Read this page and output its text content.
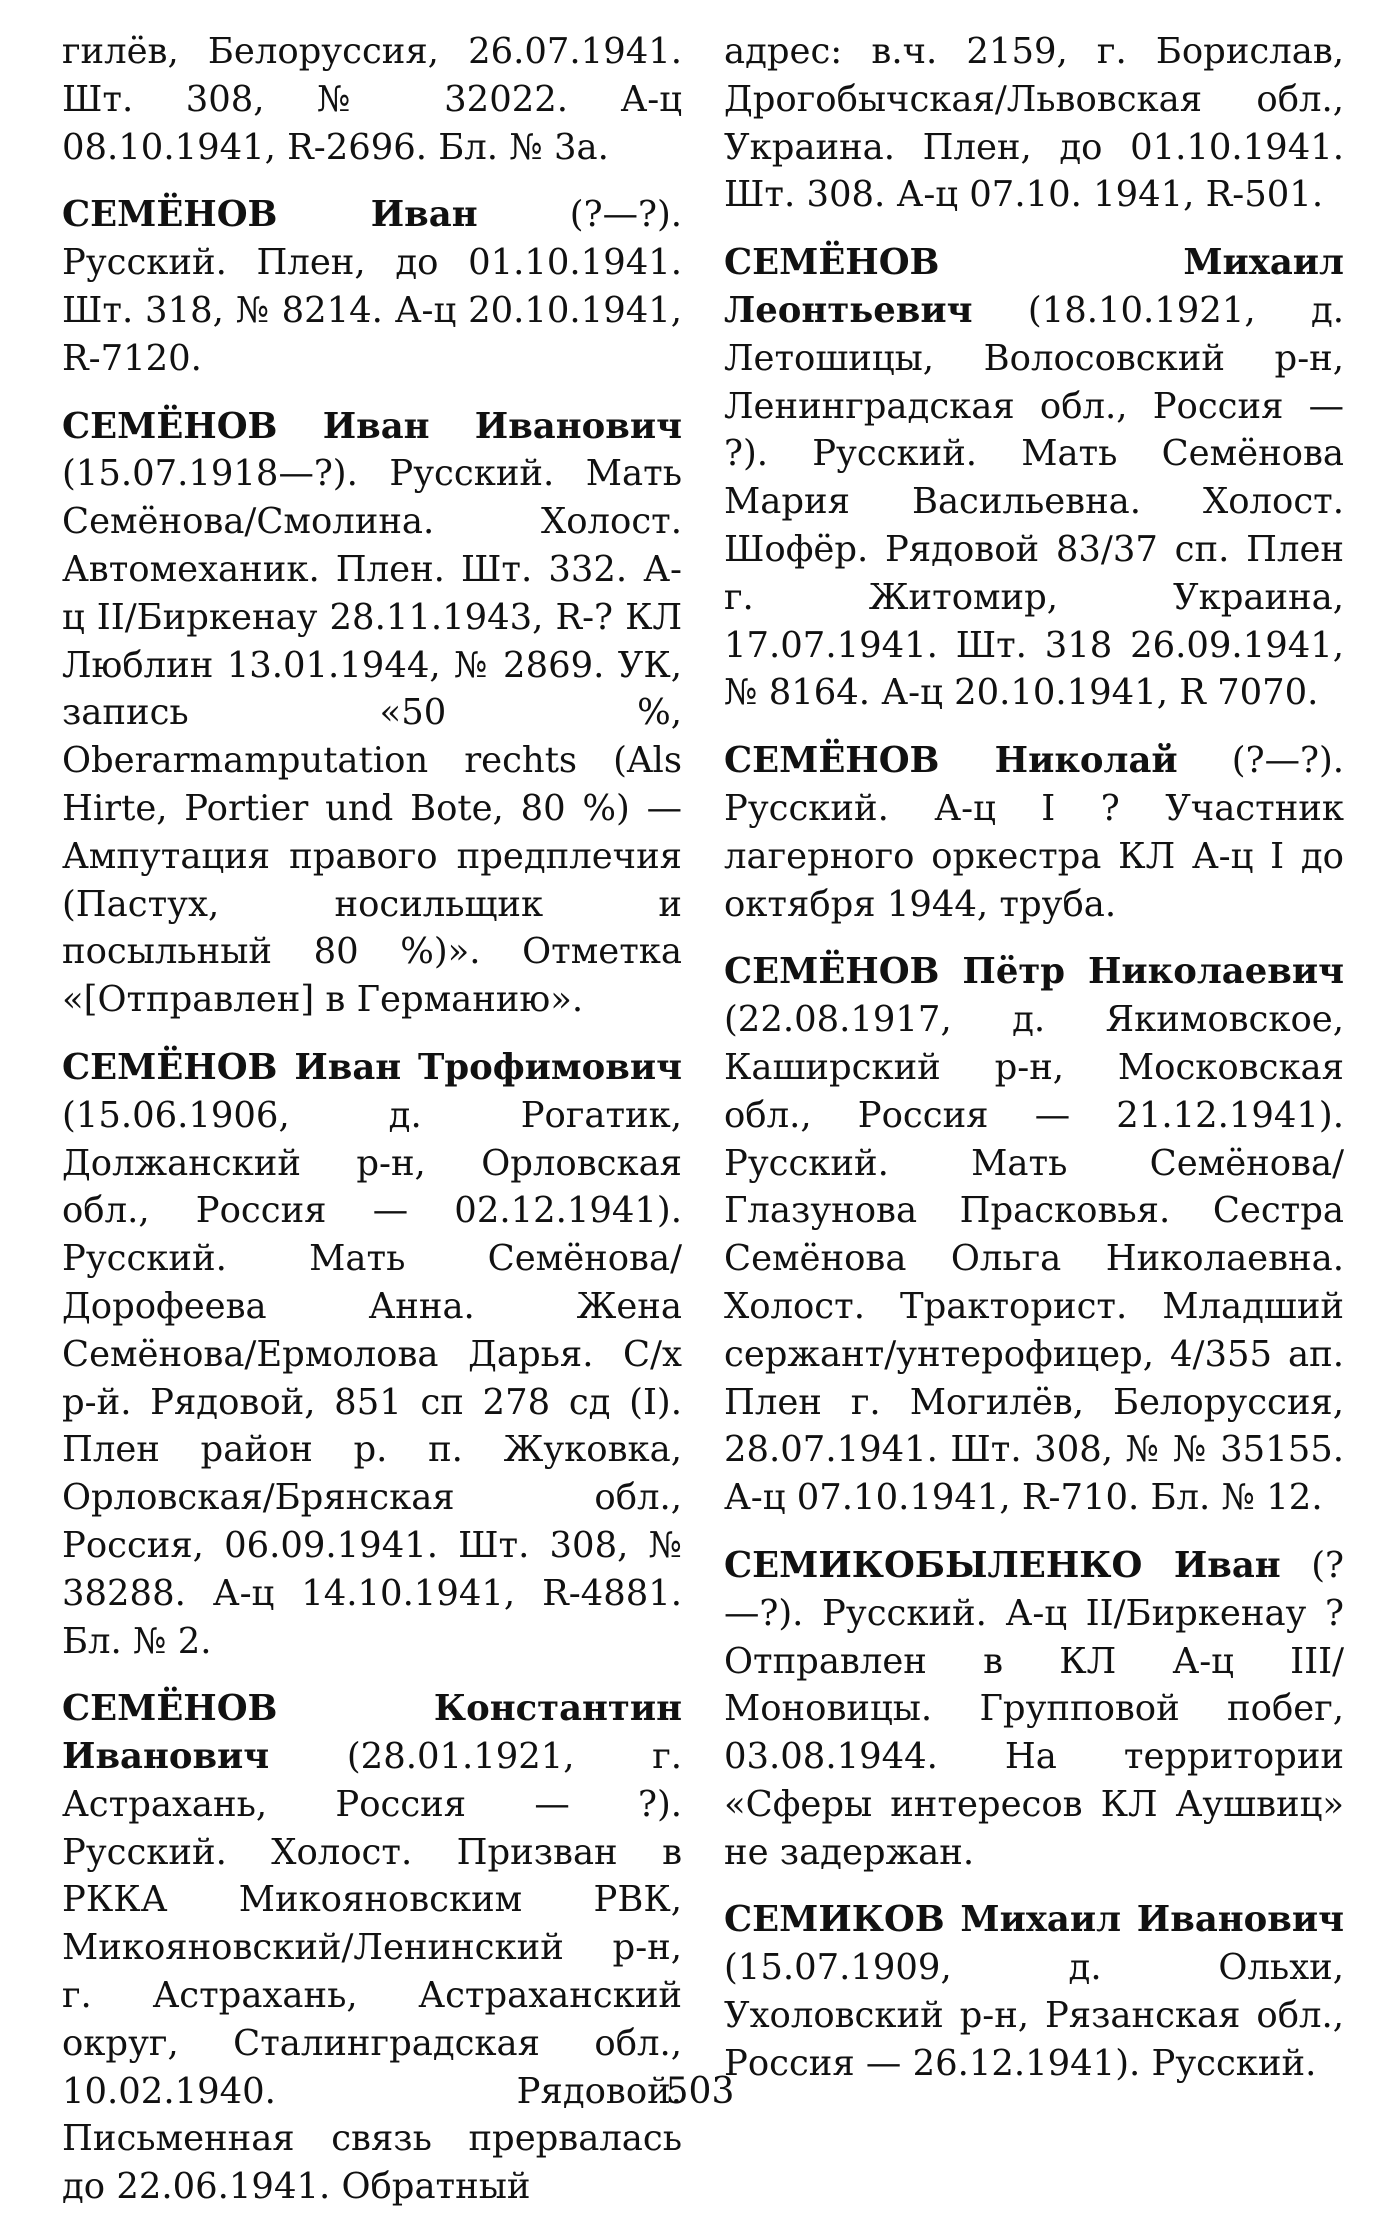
гилёв, Белоруссия, 26.07.1941. Шт. 308, № 32022. А-ц 08.10.1941, R-2696. Бл. № 3а.

СЕМЁНОВ Иван (?—?). Русский. Плен, до 01.10.1941. Шт. 318, № 8214. А-ц 20.10.1941, R-7120.

СЕМЁНОВ Иван Иванович (15.07.1918—?). Русский. Мать Семёнова/Смолина. Холост. Автомеханик. Плен. Шт. 332. А-ц II/Биркенау 28.11.1943, R-? КЛ Люблин 13.01.1944, № 2869. УК, запись «50 %, Oberarmamputation rechts (Als Hirte, Portier und Bote, 80 %) — Ампутация правого предплечия (Пастух, носильщик и посыльный 80 %)». Отметка «[Отправлен] в Германию».

СЕМЁНОВ Иван Трофимович (15.06.1906, д. Рогатик, Должанский р-н, Орловская обл., Россия — 02.12.1941). Русский. Мать Семёнова/Дорофеева Анна. Жена Семёнова/Ермолова Дарья. С/х р-й. Рядовой, 851 сп 278 сд (I). Плен район р. п. Жуковка, Орловская/Брянская обл., Россия, 06.09.1941. Шт. 308, № 38288. А-ц 14.10.1941, R-4881. Бл. № 2.

СЕМЁНОВ Константин Иванович (28.01.1921, г. Астрахань, Россия — ?). Русский. Холост. Призван в РККА Микояновским РВК, Микояновский/Ленинский р-н, г. Астрахань, Астраханский округ, Сталинградская обл., 10.02.1940. Рядовой. Письменная связь прервалась до 22.06.1941. Обратный

адрес: в.ч. 2159, г. Борислав, Дрогобычская/Львовская обл., Украина. Плен, до 01.10.1941. Шт. 308. А-ц 07.10. 1941, R-501.

СЕМЁНОВ Михаил Леонтьевич (18.10.1921, д. Летошицы, Волосовский р-н, Ленинградская обл., Россия — ?). Русский. Мать Семёнова Мария Васильевна. Холост. Шофёр. Рядовой 83/37 сп. Плен г. Житомир, Украина, 17.07.1941. Шт. 318 26.09.1941, № 8164. А-ц 20.10.1941, R 7070.

СЕМЁНОВ Николай (?—?). Русский. А-ц I ? Участник лагерного оркестра КЛ А-ц I до октября 1944, труба.

СЕМЁНОВ Пётр Николаевич (22.08.1917, д. Якимовское, Каширский р-н, Московская обл., Россия — 21.12.1941). Русский. Мать Семёнова/Глазунова Прасковья. Сестра Семёнова Ольга Николаевна. Холост. Тракторист. Младший сержант/унтерофицер, 4/355 ап. Плен г. Могилёв, Белоруссия, 28.07.1941. Шт. 308, № № 35155. А-ц 07.10.1941, R-710. Бл. № 12.

СЕМИКОБЫЛЕНКО Иван (?—?). Русский. А-ц II/Биркенау ? Отправлен в КЛ А-ц III/Моновицы. Групповой побег, 03.08.1944. На территории «Сферы интересов КЛ Аушвиц» не задержан.

СЕМИКОВ Михаил Иванович (15.07.1909, д. Ольхи, Ухоловский р-н, Рязанская обл., Россия — 26.12.1941). Русский.

503
